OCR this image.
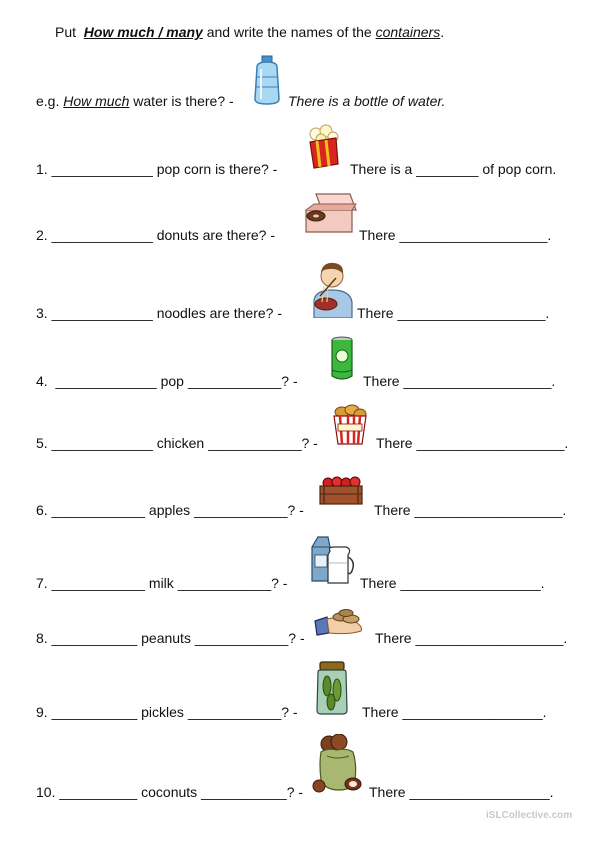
Put How much / many and write the names of the containers.
e.g. How much water is there? -	There is a bottle of water.
1. _____________ pop corn is there? -	There is a ________ of pop corn.
2. _____________ donuts are there? -	There ___________________.
3. _____________ noodles are there? -	There ___________________.
4. _____________ pop ____________? -	There ___________________.
5. _____________ chicken ____________? -	There ___________________.
6. ____________ apples ____________? -	There ___________________.
7. ____________ milk ____________? -	There __________________.
8. ___________ peanuts ____________? -	There ___________________.
9. ___________ pickles ____________? -	There __________________.
10. __________ coconuts ___________? -	There __________________.
iSLCollective.com
